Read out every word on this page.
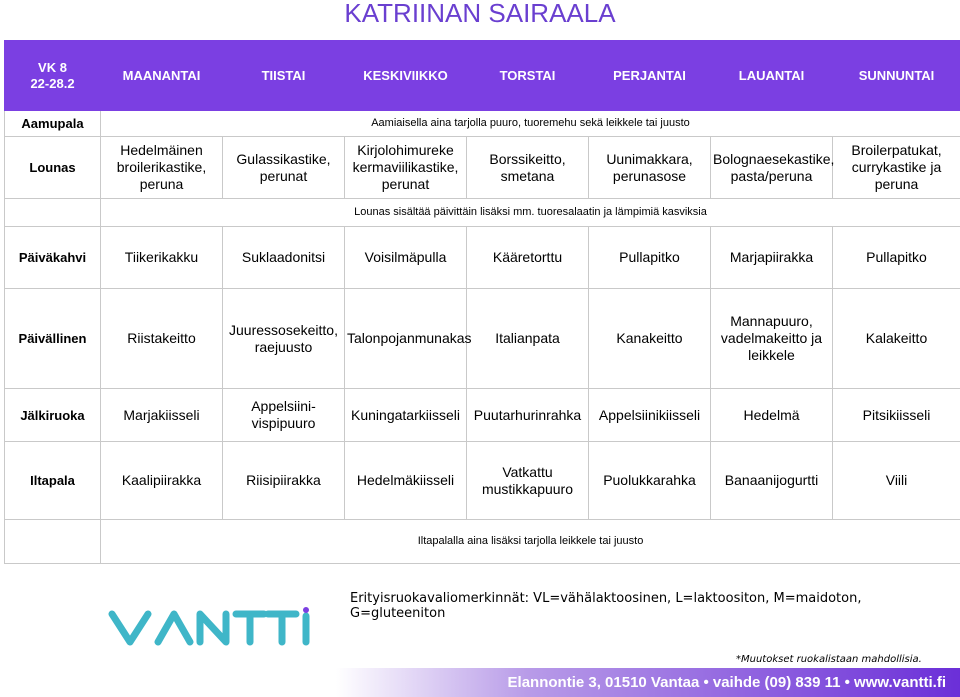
KATRIINAN SAIRAALA
VK 8
22-28.2	MAANANTAI	TIISTAI	KESKIVIIKKO	TORSTAI	PERJANTAI	LAUANTAI	SUNNUNTAI
Aamupala	Aamiaisella aina tarjolla puuro, tuoremehu sekä leikkele tai juusto						
Lounas	Hedelmäinen broilerikastike, peruna	Gulassikastike, perunat	Kirjolohimureke kermaviilikastike, perunat	Borssikeitto, smetana	Uunimakkara, perunasose	Bolognaesekastike, pasta/peruna	Broilerpatukat, currykastike ja peruna
	Lounas sisältää päivittäin lisäksi mm. tuoresalaatin ja lämpimiä kasviksia						
Päiväkahvi	Tiikerikakku	Suklaadonitsi	Voisilmäpulla	Kääretorttu	Pullapitko	Marjapiirakka	Pullapitko
Päivällinen	Riistakeitto	Juuressosekeitto, raejuusto	Talonpojanmunakas	Italianpata	Kanakeitto	Mannapuuro, vadelmakeitto ja leikkele	Kalakeitto
Jälkiruoka	Marjakiisseli	Appelsiini-vispipuuro	Kuningatarkiisseli	Puutarhurinrahka	Appelsiinikiisseli	Hedelmä	Pitsikiisseli
Iltapala	Kaalipiirakka	Riisipiirakka	Hedelmäkiisseli	Vatkattu mustikkapuuro	Puolukkarahka	Banaanijogurtti	Viili
	Iltapalalla aina lisäksi tarjolla leikkele tai juusto						
Erityisruokavaliomerkinnät: VL=vähälaktoosinen, L=laktoositon, M=maidoton, G=gluteeniton
*Muutokset ruokalistaan mahdollisia.
Elannontie 3, 01510 Vantaa • vaihde (09) 839 11 • www.vantti.fi
